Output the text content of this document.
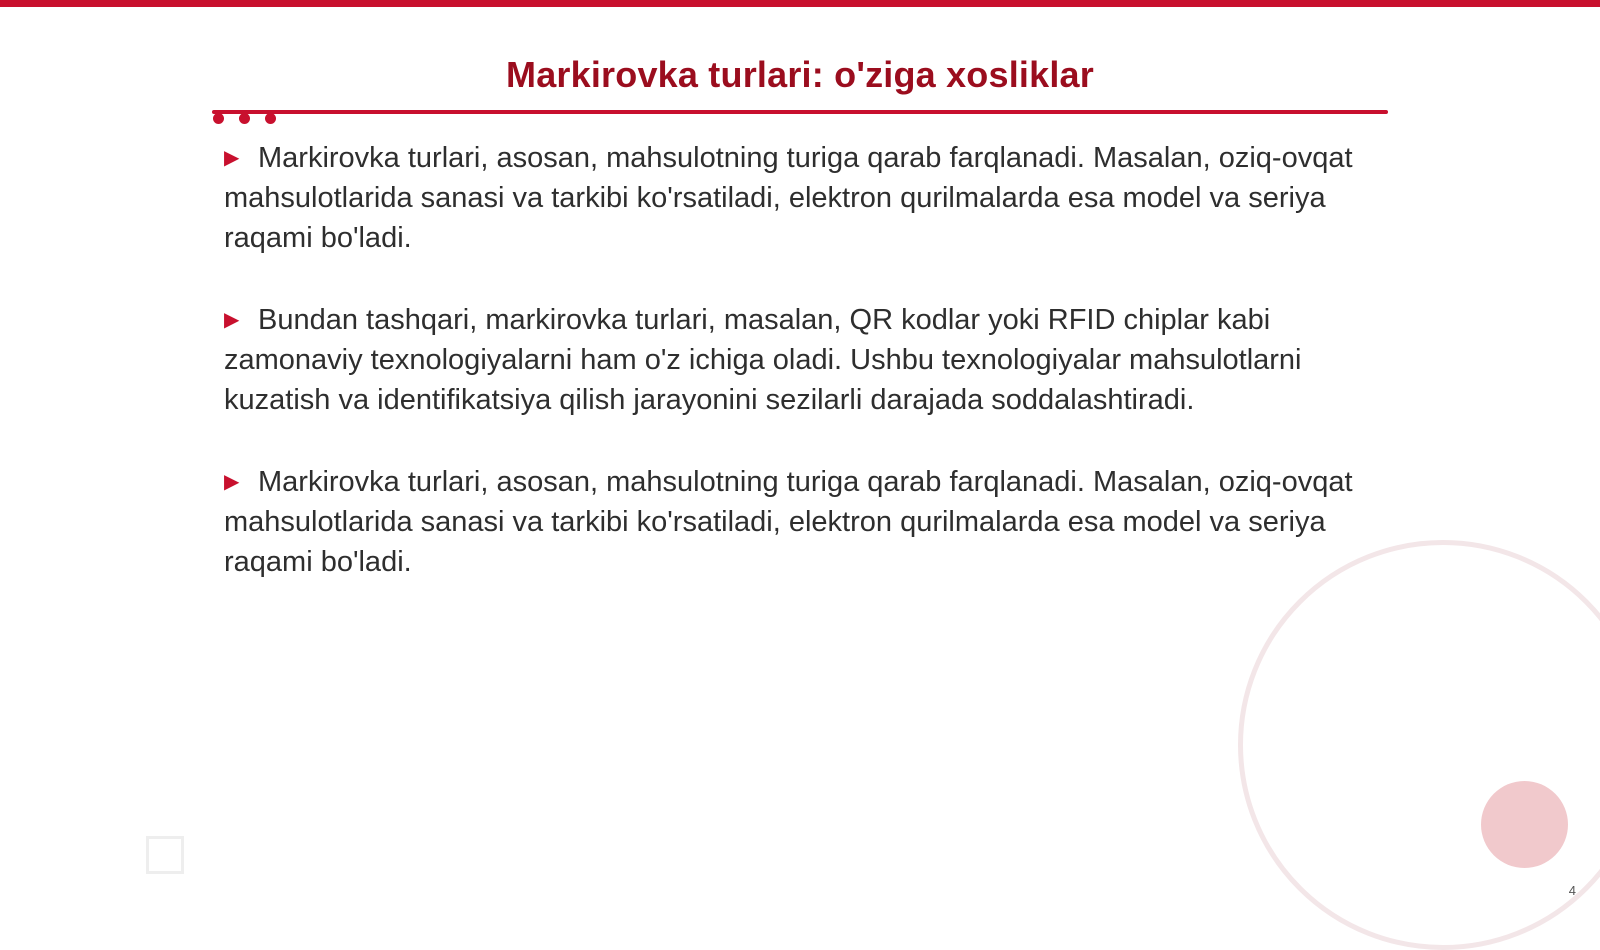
Markirovka turlari: o'ziga xosliklar

▶ Markirovka turlari, asosan, mahsulotning turiga qarab farqlanadi. Masalan, oziq-ovqat mahsulotlarida sanasi va tarkibi ko'rsatiladi, elektron qurilmalarda esa model va seriya raqami bo'ladi.

▶ Bundan tashqari, markirovka turlari, masalan, QR kodlar yoki RFID chiplar kabi zamonaviy texnologiyalarni ham o'z ichiga oladi. Ushbu texnologiyalar mahsulotlarni kuzatish va identifikatsiya qilish jarayonini sezilarli darajada soddalashtiradi.

▶ Markirovka turlari, asosan, mahsulotning turiga qarab farqlanadi. Masalan, oziq-ovqat mahsulotlarida sanasi va tarkibi ko'rsatiladi, elektron qurilmalarda esa model va seriya raqami bo'ladi.

4
